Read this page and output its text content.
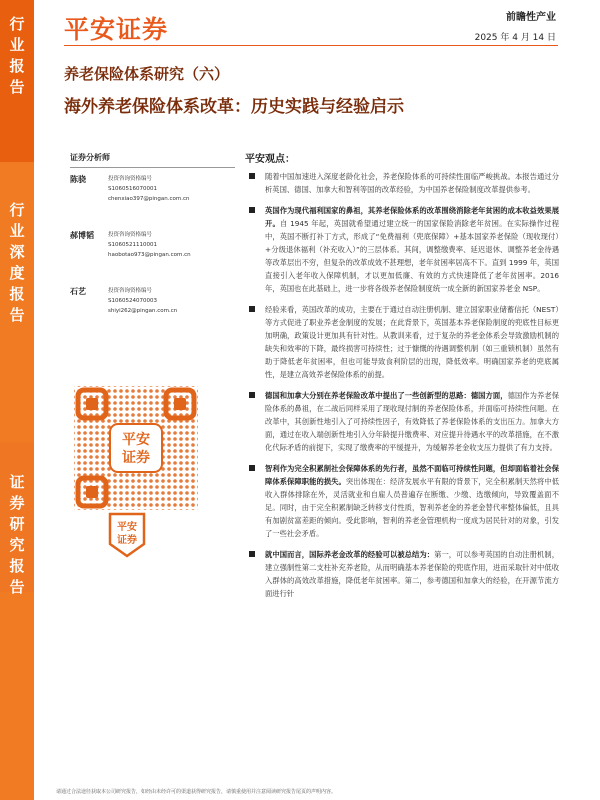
行
业
报
告
行
业
深
度
报
告
证
券
研
究
报
告
平安证券	前瞻性产业
2025 年 4 月 14 日
养老保险体系研究（六）
海外养老保险体系改革：历史实践与经验启示
证券分析师
陈骁	投资咨询资格编号
S1060516070001
chenxiao397@pingan.com.cn
郝博韬	投资咨询资格编号
S1060521110001
haobotao973@pingan.com.cn
石艺	投资咨询资格编号
S1060524070003
shiyi262@pingan.com.cn
平安
证券
平安
证券
平安观点：
随着中国加速进入深度老龄化社会，养老保险体系的可持续性面临严峻挑战。本报告通过分析英国、德国、加拿大和智利等国的改革经验，为中国养老保险制度改革提供参考。
英国作为现代福利国家的鼻祖，其养老保险体系的改革围绕消除老年贫困的成本收益效果展开。自 1945 年起，英国就希望通过建立统一的国家保险消除老年贫困。在实际操作过程中，英国不断打补丁方式，形成了“免费福利（兜底保障）+基本国家养老保险（现收现付）+分级退休福利（补充收入）”的三层体系。其间，调整缴费率、延迟退休、调整养老金待遇等改革层出不穷，但复杂的改革成效不甚理想，老年贫困率居高不下。直到 1999 年，英国直接引入老年收入保障机制，才以更加低廉、有效的方式快速降低了老年贫困率。2016 年，英国也在此基础上，进一步将各级养老保险制度统一成全新的新国家养老金 NSP。
经验来看，英国改革的成功，主要在于通过自动注册机制、建立国家职业储蓄信托（NEST）等方式促进了职业养老金制度的发展；在此背景下，英国基本养老保险制度的兜底性目标更加明确，政策设计更加具有针对性。从教训来看，过于复杂的养老金体系会导致激励机制的缺失和效率的下降，最终损害可持续性；过于慷慨的待遇调整机制（如三重锁机制）虽然有助于降低老年贫困率，但也可能导致食利阶层的出现，降低效率。明确国家养老的兜底属性，是建立高效养老保险体系的前提。
德国和加拿大分别在养老保险改革中提出了一些创新型的思路：德国方面，德国作为养老保险体系的鼻祖，在二战后同样采用了现收现付制的养老保险体系，并面临可持续性问题。在改革中，其创新性地引入了可持续性因子，有效降低了养老保险体系的支出压力。加拿大方面，通过在收入端创新性地引入分年龄提升缴费率、对应提升待遇水平的改革措施，在不激化代际矛盾的前提下，实现了缴费率的平缓提升，为缓解养老金收支压力提供了有力支持。
智利作为完全积累制社会保障体系的先行者，虽然不面临可持续性问题，但却面临着社会保障体系保障职能的损失。突出体现在：经济发展水平有限的背景下，完全积累制天然将中低收入群体排除在外，灵活就业和自雇人员普遍存在断缴、少缴、选缴倾向，导致覆盖面不足。同时，由于完全积累制缺乏转移支付性质，智利养老金的养老金替代率整体偏低，且具有加剧贫富差距的倾向。受此影响，智利的养老金管理机构一度成为居民针对的对象，引发了一些社会矛盾。
就中国而言，国际养老金改革的经验可以被总结为：第一，可以参考英国的自动注册机制，建立强制性第二支柱补充养老险，从而明确基本养老保险的兜底作用，进而采取针对中低收入群体的高效改革措施，降低老年贫困率。第二，参考德国和加拿大的经验，在开源节流方面进行针
请通过合法途径获取本公司研究报告，如经由未经许可的渠道获得研究报告，请慎重使用并注意阅读研究报告尾页的声明内容。
